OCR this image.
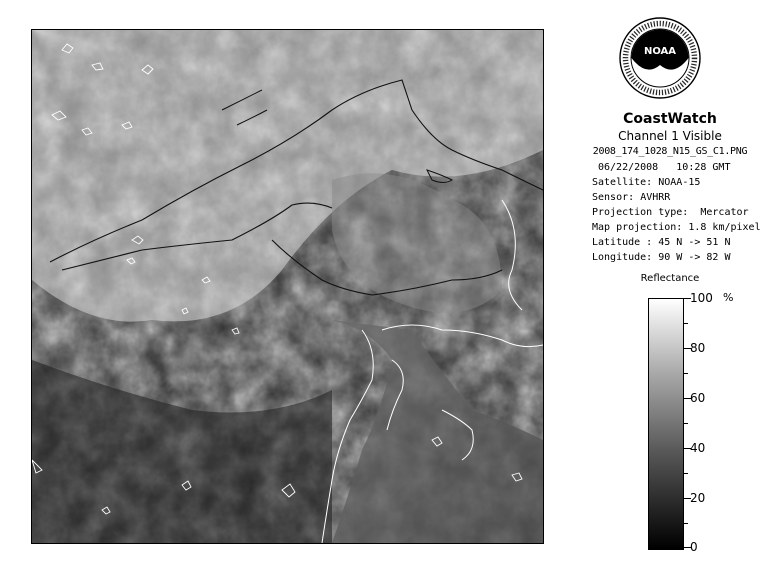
NOAA
CoastWatch
Channel 1 Visible
2008_174_1028_N15_GS_C1.PNG
06/22/2008 10:28 GMT
Satellite: NOAA-15
Sensor: AVHRR
Projection type: Mercator
Map projection: 1.8 km/pixel
Latitude : 45 N -> 51 N
Longitude: 90 W -> 82 W
Reflectance
%
100
80
60
40
20
0
